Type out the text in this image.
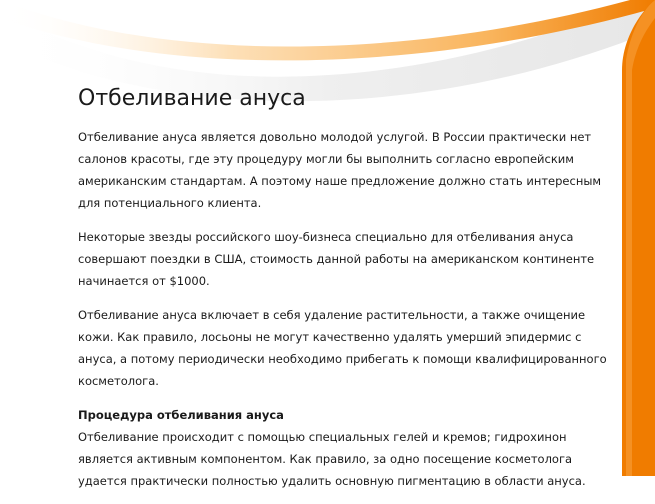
Отбеливание ануса

Отбеливание ануса является довольно молодой услугой. В России практически нет салонов красоты, где эту процедуру могли бы выполнить согласно европейским американским стандартам. А поэтому наше предложение должно стать интересным для потенциального клиента.

Некоторые звезды российского шоу-бизнеса специально для отбеливания ануса совершают поездки в США, стоимость данной работы на американском континенте начинается от $1000.

Отбеливание ануса включает в себя удаление растительности, а также очищение кожи. Как правило, лосьоны не могут качественно удалять умерший эпидермис с ануса, а потому периодически необходимо прибегать к помощи квалифицированного косметолога.

Процедура отбеливания ануса

Отбеливание происходит с помощью специальных гелей и кремов; гидрохинон является активным компонентом. Как правило, за одно посещение косметолога удается практически полностью удалить основную пигментацию в области ануса.
